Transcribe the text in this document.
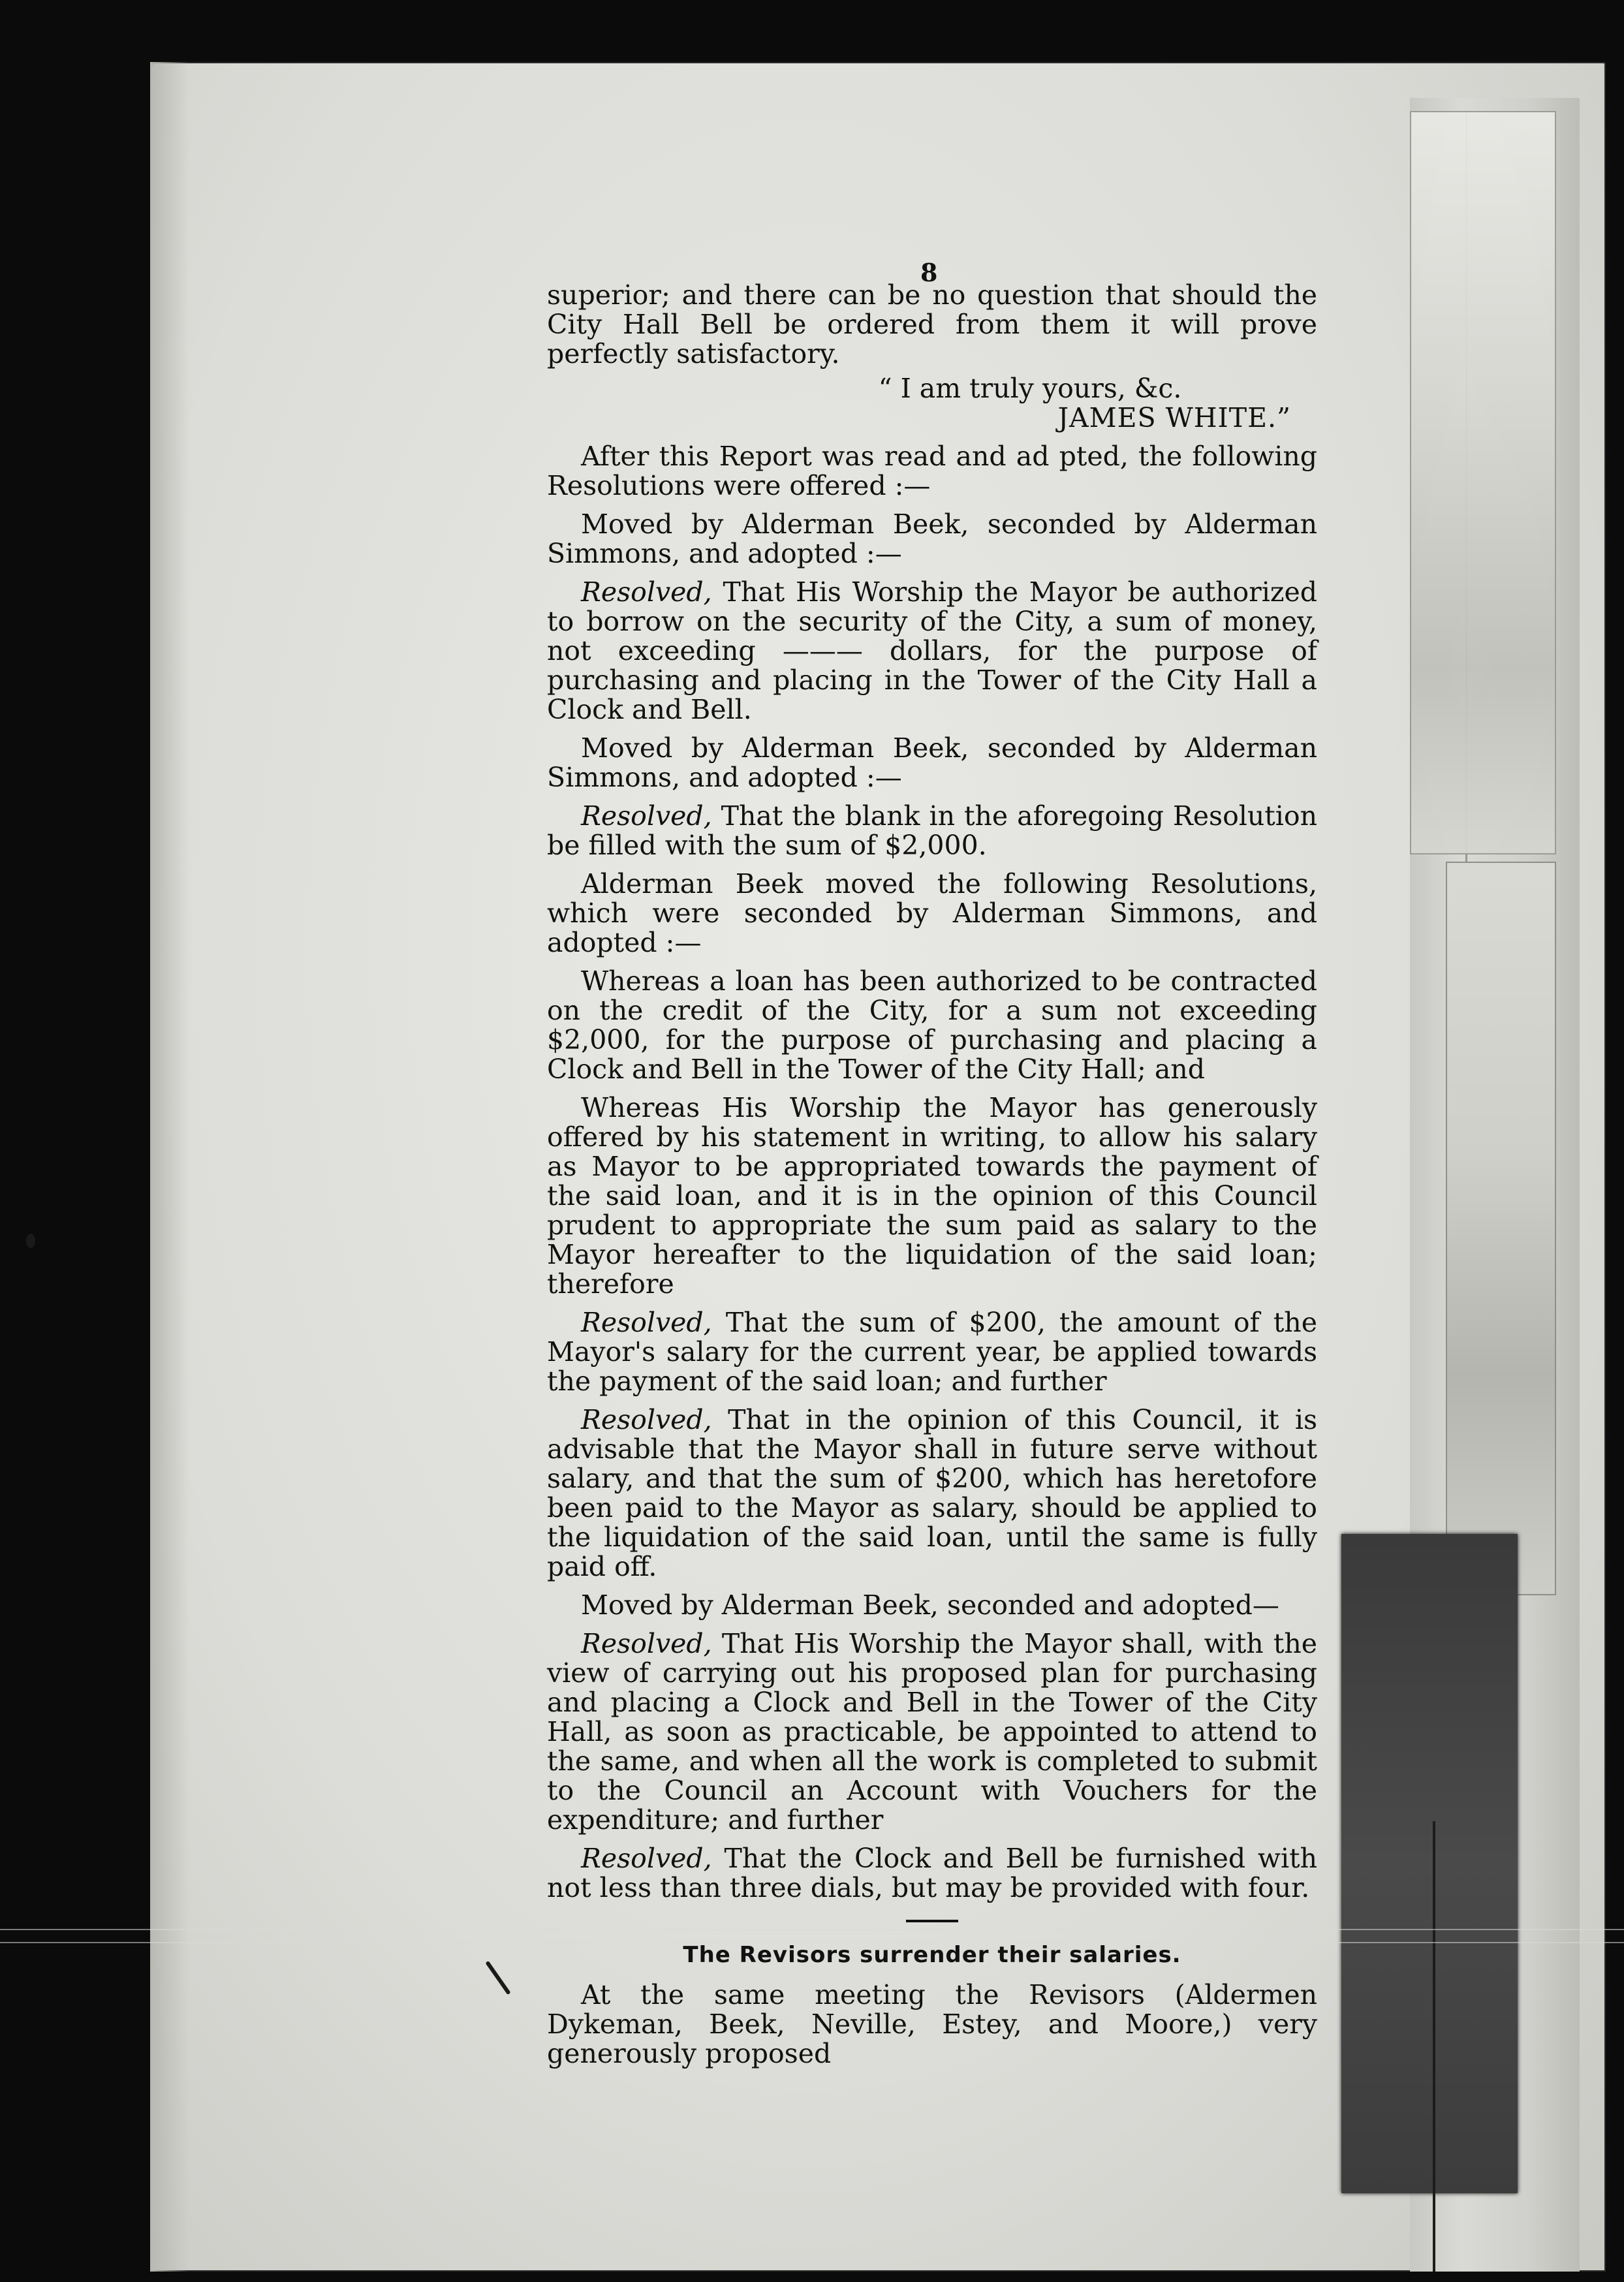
8

superior; and there can be no question that should the City Hall Bell be ordered from them it will prove perfectly satisfactory.

“ I am truly yours, &c.

JAMES WHITE.”

After this Report was read and ad pted, the following Resolutions were offered :—

Moved by Alderman Beek, seconded by Alderman Simmons, and adopted :—

Resolved, That His Worship the Mayor be authorized to borrow on the security of the City, a sum of money, not exceeding ——— dollars, for the purpose of purchasing and placing in the Tower of the City Hall a Clock and Bell.

Moved by Alderman Beek, seconded by Alderman Simmons, and adopted :—

Resolved, That the blank in the aforegoing Resolution be filled with the sum of $2,000.

Alderman Beek moved the following Resolutions, which were seconded by Alderman Simmons, and adopted :—

Whereas a loan has been authorized to be contracted on the credit of the City, for a sum not exceeding $2,000, for the purpose of purchasing and placing a Clock and Bell in the Tower of the City Hall; and

Whereas His Worship the Mayor has generously offered by his statement in writing, to allow his salary as Mayor to be appropriated towards the payment of the said loan, and it is in the opinion of this Council prudent to appropriate the sum paid as salary to the Mayor hereafter to the liquidation of the said loan; therefore

Resolved, That the sum of $200, the amount of the Mayor's salary for the current year, be applied towards the payment of the said loan; and further

Resolved, That in the opinion of this Council, it is advisable that the Mayor shall in future serve without salary, and that the sum of $200, which has heretofore been paid to the Mayor as salary, should be applied to the liquidation of the said loan, until the same is fully paid off.

Moved by Alderman Beek, seconded and adopted—

Resolved, That His Worship the Mayor shall, with the view of carrying out his proposed plan for purchasing and placing a Clock and Bell in the Tower of the City Hall, as soon as practicable, be appointed to attend to the same, and when all the work is completed to submit to the Council an Account with Vouchers for the expenditure; and further

Resolved, That the Clock and Bell be furnished with not less than three dials, but may be provided with four.

The Revisors surrender their salaries.

At the same meeting the Revisors (Aldermen Dykeman, Beek, Neville, Estey, and Moore,) very generously proposed
